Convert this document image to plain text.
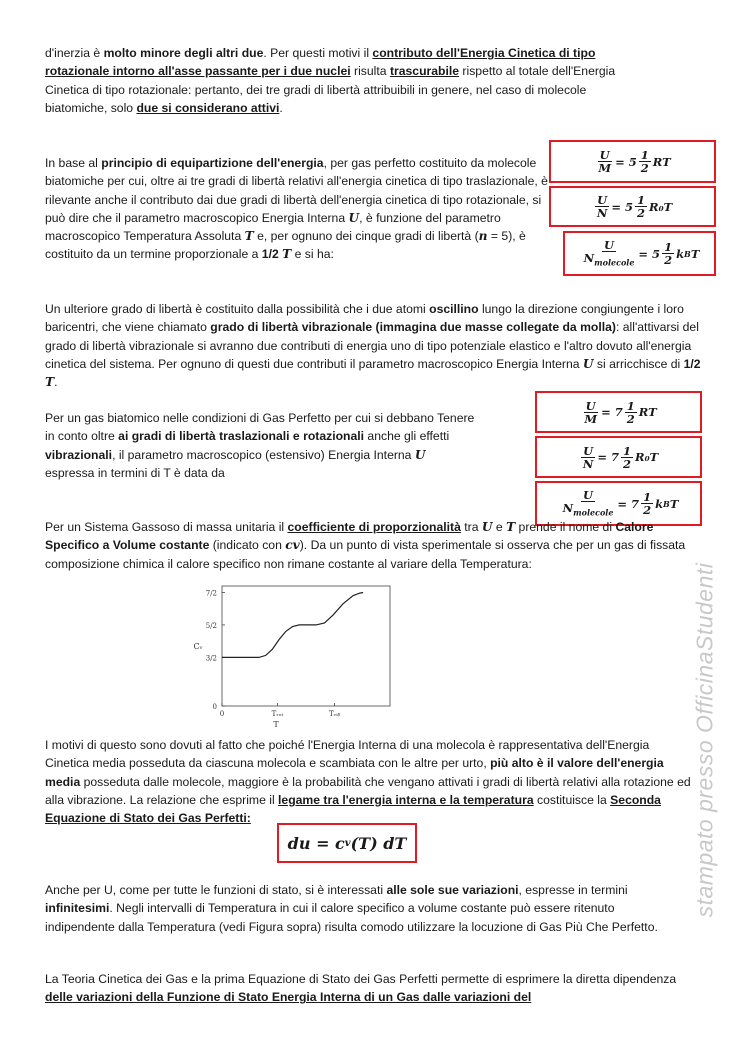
d'inerzia è molto minore degli altri due. Per questi motivi il contributo dell'Energia Cinetica di tipo rotazionale intorno all'asse passante per i due nuclei risulta trascurabile rispetto al totale dell'Energia Cinetica di tipo rotazionale: pertanto, dei tre gradi di libertà attribuibili in genere, nel caso di molecole biatomiche, solo due si considerano attivi.

In base al principio di equipartizione dell'energia, per gas perfetto costituito da molecole biatomiche per cui, oltre ai tre gradi di libertà relativi all'energia cinetica di tipo traslazionale, è rilevante anche il contributo dai due gradi di libertà dell'energia cinetica di tipo rotazionale, si può dire che il parametro macroscopico Energia Interna U, è funzione del parametro macroscopico Temperatura Assoluta T e, per ognuno dei cinque gradi di libertà (n = 5), è costituito da un termine proporzionale a 1/2 T e si ha:

$\frac{U}{M} = 5 \frac{1}{2}$ RT
$\frac{U}{N} = 5 \frac{1}{2} R_0T$
$\frac{U}{N_{molecole}} = 5 \frac{1}{2}$ k B T

Un ulteriore grado di libertà è costituito dalla possibilità che i due atomi oscillino lungo la direzione congiungente i loro baricentri, che viene chiamato grado di libertà vibrazionale (immagina due masse collegate da molla): all'attivarsi del grado di libertà vibrazionale si avranno due contributi di energia uno di tipo potenziale elastico e l'altro dovuto all'energia cinetica del sistema. Per ognuno di questi due contributi il parametro macroscopico Energia Interna U si arricchisce di 1/2 T.

Per un gas biatomico nelle condizioni di Gas Perfetto per cui si debbano Tenere in conto oltre ai gradi di libertà traslazionali e rotazionali anche gli effetti vibrazionali, il parametro macroscopico (estensivo) Energia Interna U espressa in termini di T è data da

$\frac{U}{M} = 7 \frac{1}{2}$ RT
$\frac{U}{N} = 7 \frac{1}{2} R_0T$
$\frac{U}{N_{molecole}} = 7 \frac{1}{2}$ k B T

Per un Sistema Gassoso di massa unitaria il coefficiente di proporzionalità tra U e T prende il nome di Calore Specifico a Volume costante (indicato con cv). Da un punto di vista sperimentale si osserva che per un gas di fissata composizione chimica il calore specifico non rimane costante al variare della Temperatura:

0
3/2
5/2
7/2
0	Tᵣₒₜ	Tᵥᵢᵦ
T
Cᵥ

I motivi di questo sono dovuti al fatto che poiché l'Energia Interna di una molecola è rappresentativa dell'Energia Cinetica media posseduta da ciascuna molecola e scambiata con le altre per urto, più alto è il valore dell'energia media posseduta dalle molecole, maggiore è la probabilità che vengano attivati i gradi di libertà relativi alla rotazione ed alla vibrazione. La relazione che esprime il legame tra l'energia interna e la temperatura costituisce la Seconda Equazione di Stato dei Gas Perfetti:

du = c v (T) dT

Anche per U, come per tutte le funzioni di stato, si è interessati alle sole sue variazioni, espresse in termini infinitesimi. Negli intervalli di Temperatura in cui il calore specifico a volume costante può essere ritenuto indipendente dalla Temperatura (vedi Figura sopra) risulta comodo utilizzare la locuzione di Gas Più Che Perfetto.

La Teoria Cinetica dei Gas e la prima Equazione di Stato dei Gas Perfetti permette di esprimere la diretta dipendenza delle variazioni della Funzione di Stato Energia Interna di un Gas dalle variazioni del

stampato presso OfficinaStudenti
